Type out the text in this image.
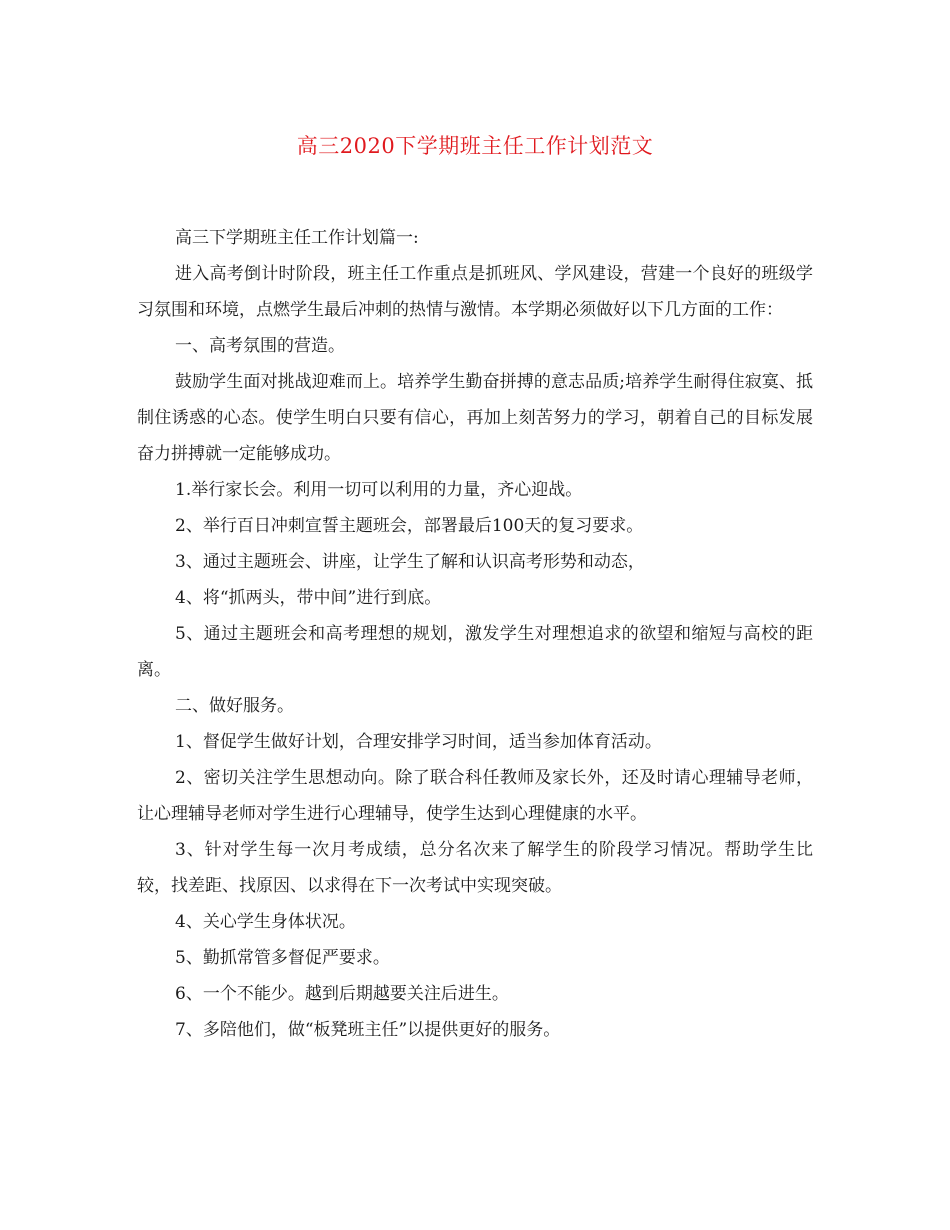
高三2020下学期班主任工作计划范文

高三下学期班主任工作计划篇一:

进入高考倒计时阶段，班主任工作重点是抓班风、学风建设，营建一个良好的班级学习氛围和环境，点燃学生最后冲刺的热情与激情。本学期必须做好以下几方面的工作：

一、高考氛围的营造。

鼓励学生面对挑战迎难而上。培养学生勤奋拼搏的意志品质;培养学生耐得住寂寞、抵制住诱惑的心态。使学生明白只要有信心，再加上刻苦努力的学习，朝着自己的目标发展奋力拼搏就一定能够成功。

1.举行家长会。利用一切可以利用的力量，齐心迎战。

2、举行百日冲刺宣誓主题班会，部署最后100天的复习要求。

3、通过主题班会、讲座，让学生了解和认识高考形势和动态，

4、将“抓两头，带中间”进行到底。

5、通过主题班会和高考理想的规划，激发学生对理想追求的欲望和缩短与高校的距离。

二、做好服务。

1、督促学生做好计划，合理安排学习时间，适当参加体育活动。

2、密切关注学生思想动向。除了联合科任教师及家长外，还及时请心理辅导老师，让心理辅导老师对学生进行心理辅导，使学生达到心理健康的水平。

3、针对学生每一次月考成绩，总分名次来了解学生的阶段学习情况。帮助学生比较，找差距、找原因、以求得在下一次考试中实现突破。

4、关心学生身体状况。

5、勤抓常管多督促严要求。

6、一个不能少。越到后期越要关注后进生。

7、多陪他们，做“板凳班主任”以提供更好的服务。
